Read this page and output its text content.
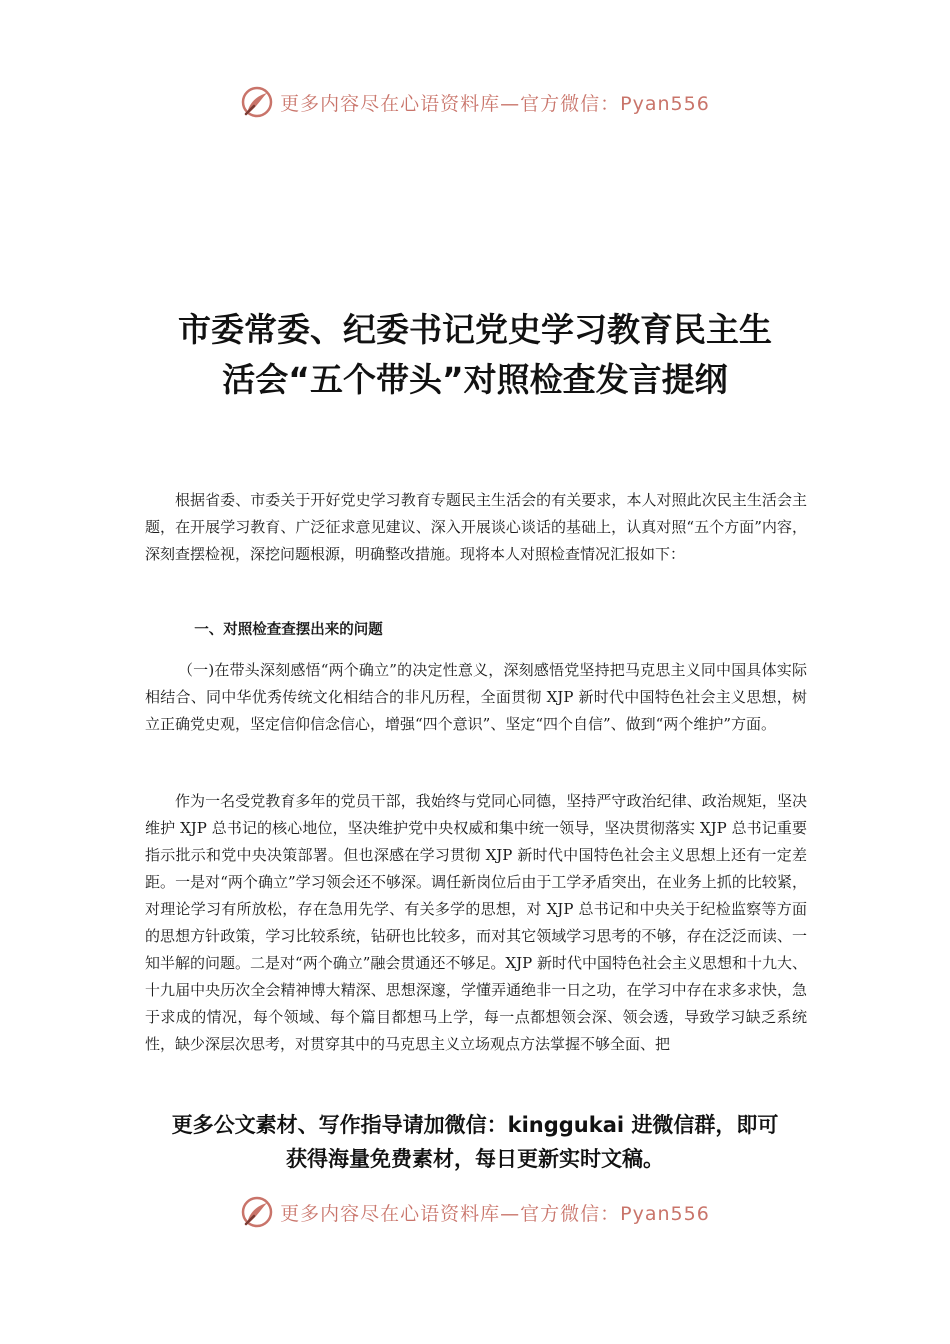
更多内容尽在心语资料库—官方微信：Pyan556
市委常委、纪委书记党史学习教育民主生
活会“五个带头”对照检查发言提纲

根据省委、市委关于开好党史学习教育专题民主生活会的有关要求，本人对照此次民主生活会主题，在开展学习教育、广泛征求意见建议、深入开展谈心谈话的基础上，认真对照“五个方面”内容，深刻查摆检视，深挖问题根源，明确整改措施。现将本人对照检查情况汇报如下：

一、对照检查查摆出来的问题

（一)在带头深刻感悟“两个确立”的决定性意义，深刻感悟党坚持把马克思主义同中国具体实际相结合、同中华优秀传统文化相结合的非凡历程，全面贯彻 XJP 新时代中国特色社会主义思想，树立正确党史观，坚定信仰信念信心，增强“四个意识”、坚定“四个自信”、做到“两个维护”方面。

作为一名受党教育多年的党员干部，我始终与党同心同德，坚持严守政治纪律、政治规矩，坚决维护 XJP 总书记的核心地位，坚决维护党中央权威和集中统一领导，坚决贯彻落实 XJP 总书记重要指示批示和党中央决策部署。但也深感在学习贯彻 XJP 新时代中国特色社会主义思想上还有一定差距。一是对“两个确立”学习领会还不够深。调任新岗位后由于工学矛盾突出，在业务上抓的比较紧，对理论学习有所放松，存在急用先学、有关多学的思想，对 XJP 总书记和中央关于纪检监察等方面的思想方针政策，学习比较系统，钻研也比较多，而对其它领域学习思考的不够，存在泛泛而读、一知半解的问题。二是对“两个确立”融会贯通还不够足。XJP 新时代中国特色社会主义思想和十九大、十九届中央历次全会精神博大精深、思想深邃，学懂弄通绝非一日之功，在学习中存在求多求快，急于求成的情况，每个领域、每个篇目都想马上学，每一点都想领会深、领会透，导致学习缺乏系统性，缺少深层次思考，对贯穿其中的马克思主义立场观点方法掌握不够全面、把

更多公文素材、写作指导请加微信：kinggukai 进微信群，即可
获得海量免费素材，每日更新实时文稿。
更多内容尽在心语资料库—官方微信：Pyan556
